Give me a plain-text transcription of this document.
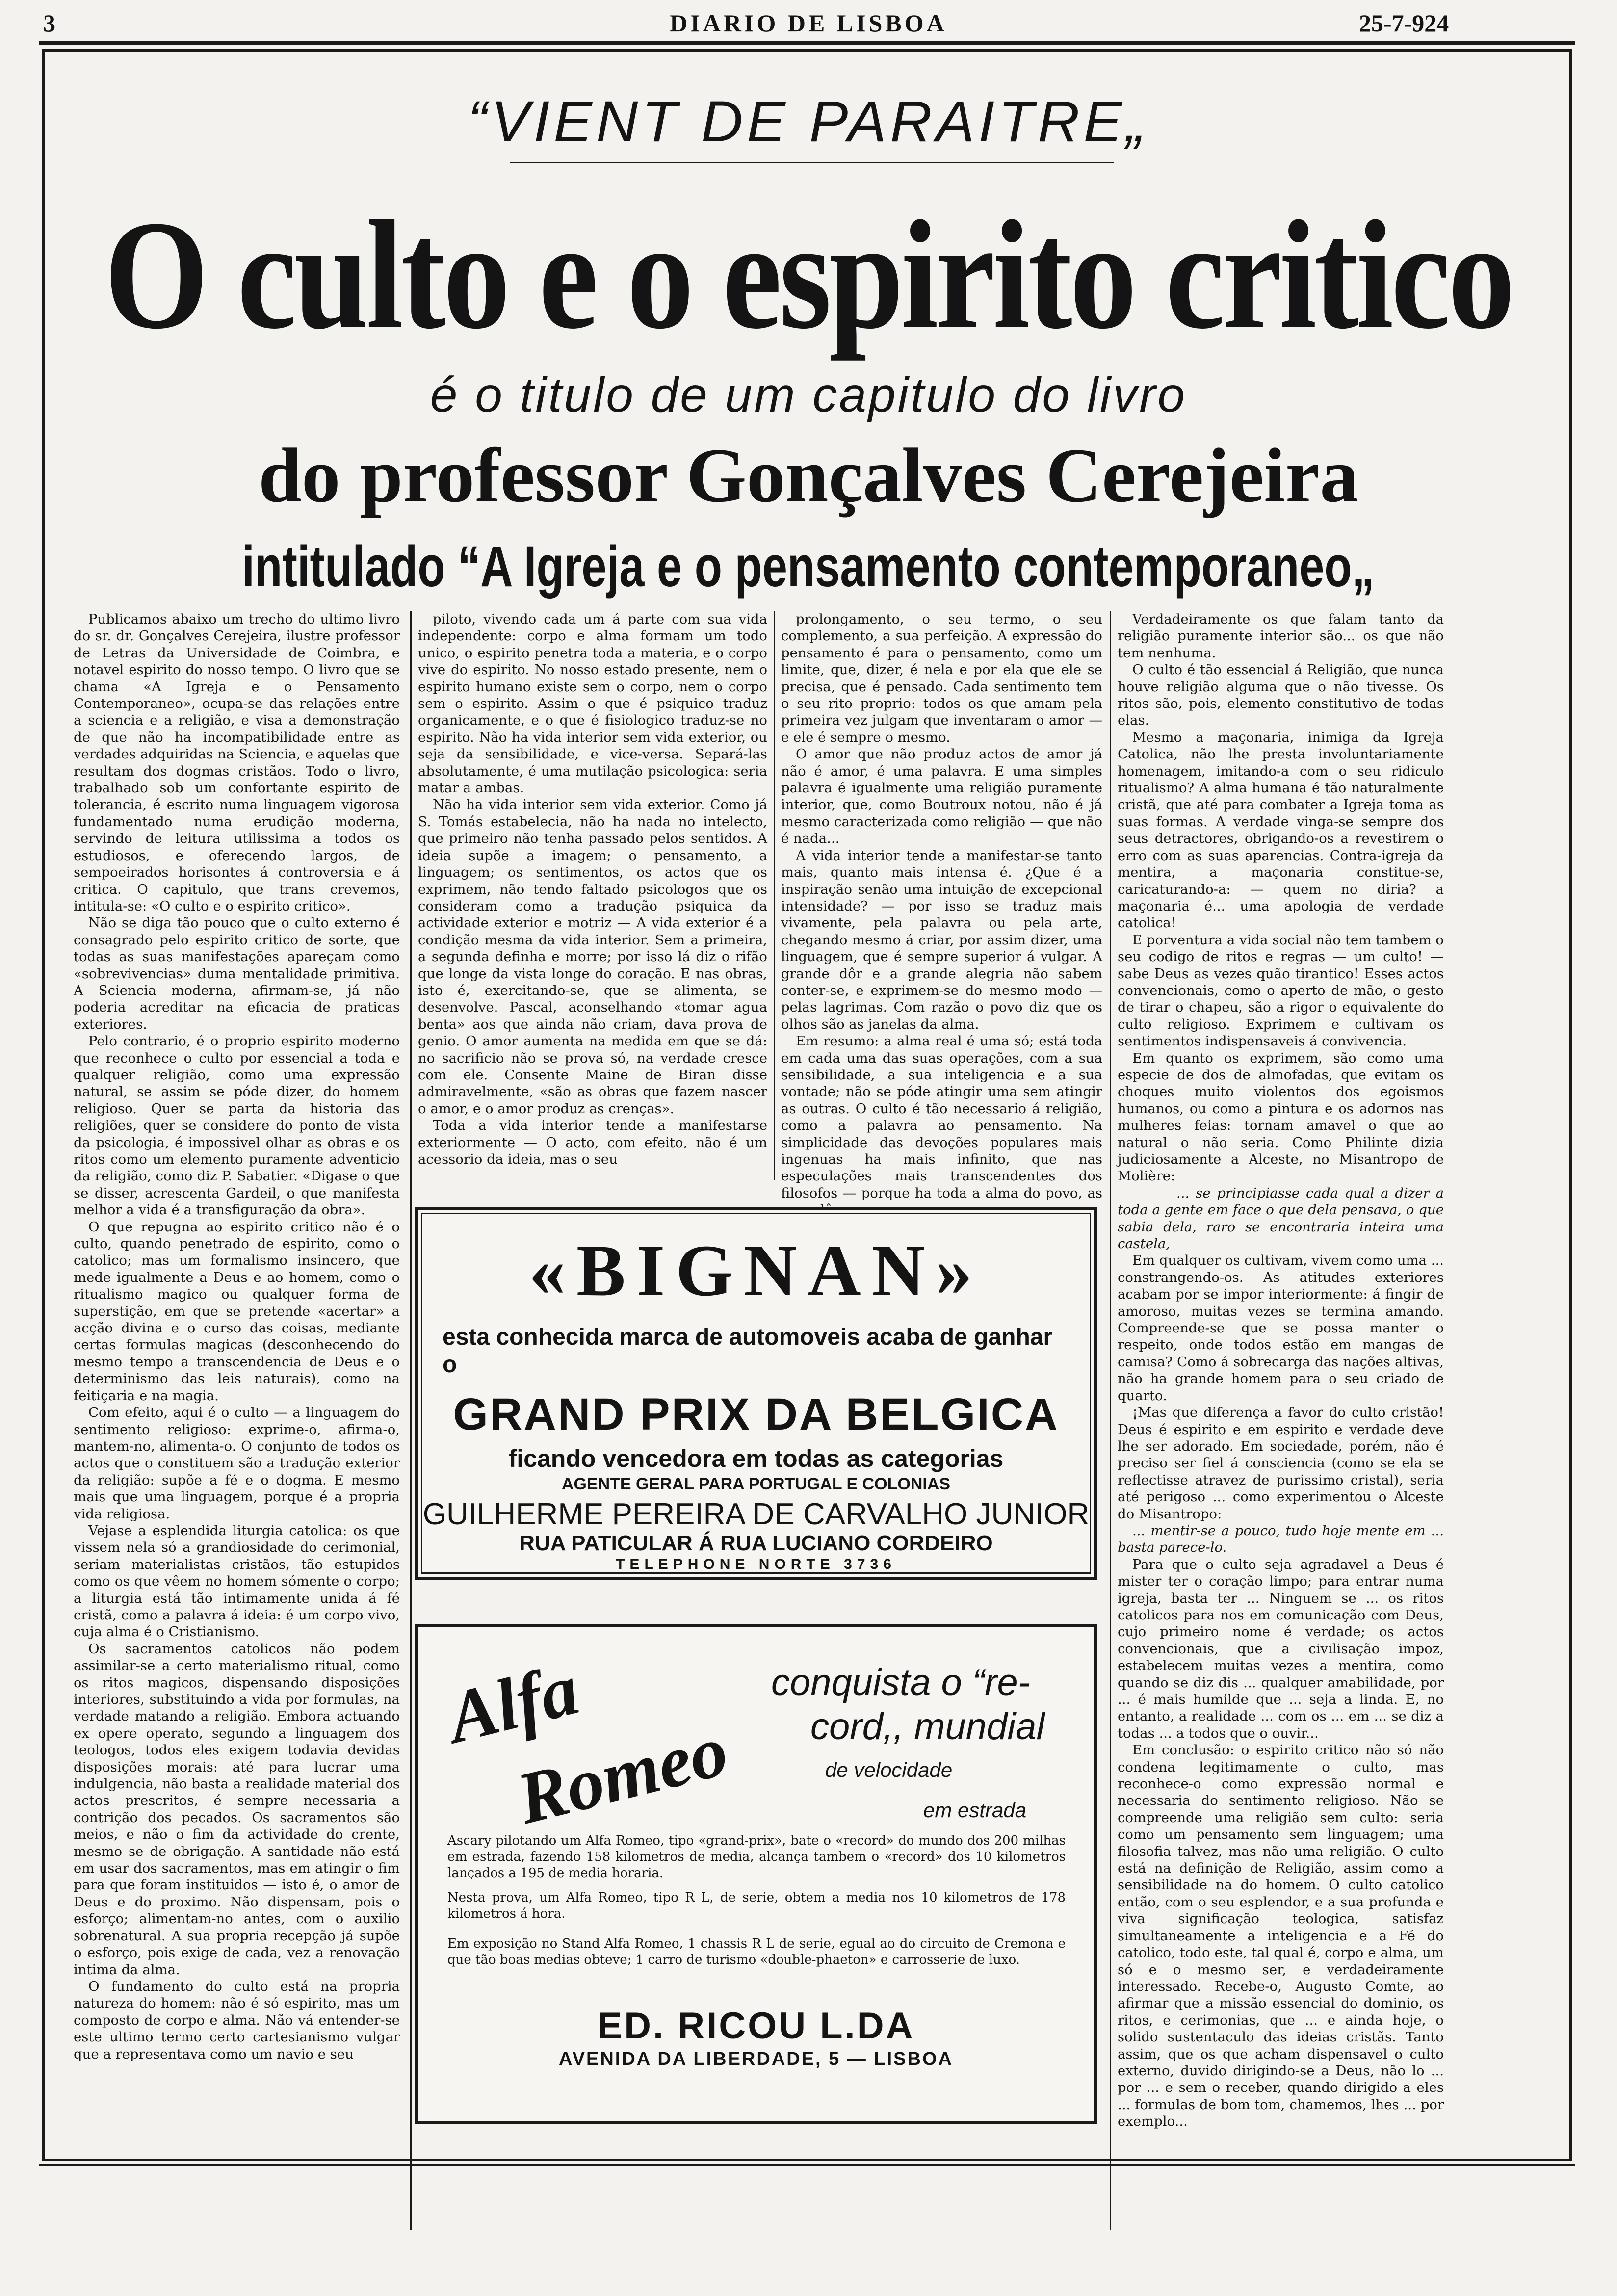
3	DIARIO DE LISBOA	25-7-924
“VIENT DE PARAITRE„
O culto e o espirito critico
é o titulo de um capitulo do livro
do professor Gonçalves Cerejeira
intitulado “A Igreja e o pensamento contemporaneo„

Publicamos abaixo um trecho do ultimo livro do sr. dr. Gonçalves Cerejeira, ilustre professor de Letras da Universidade de Coimbra, e notavel espirito do nosso tempo. O livro que se chama «A Igreja e o Pensamento Contemporaneo», ocupa-se das relações entre a sciencia e a religião, e visa a demonstração de que não ha incompatibilidade entre as verdades adquiridas na Sciencia, e aquelas que resultam dos dogmas cristãos. Todo o livro, trabalhado sob um confortante espirito de tolerancia, é escrito numa linguagem vigorosa fundamentado numa erudição moderna, servindo de leitura utilissima a todos os estudiosos, e oferecendo largos, de sempoeirados horisontes á controversia e á critica. O capitulo, que trans crevemos, intitula-se: «O culto e o espirito critico».

Não se diga tão pouco que o culto externo é consagrado pelo espirito critico de sorte, que todas as suas manifestações apareçam como «sobrevivencias» duma mentalidade primitiva. A Sciencia moderna, afirmam-se, já não poderia acreditar na eficacia de praticas exteriores.

Pelo contrario, é o proprio espirito moderno que reconhece o culto por essencial a toda e qualquer religião, como uma expressão natural, se assim se póde dizer, do homem religioso. Quer se parta da historia das religiões, quer se considere do ponto de vista da psicologia, é impossivel olhar as obras e os ritos como um elemento puramente adventicio da religião, como diz P. Sabatier. «Digase o que se disser, acrescenta Gardeil, o que manifesta melhor a vida é a transfiguração da obra».

O que repugna ao espirito critico não é o culto, quando penetrado de espirito, como o catolico; mas um formalismo insincero, que mede igualmente a Deus e ao homem, como o ritualismo magico ou qualquer forma de superstição, em que se pretende «acertar» a acção divina e o curso das coisas, mediante certas formulas magicas (desconhecendo do mesmo tempo a transcendencia de Deus e o determinismo das leis naturais), como na feitiçaria e na magia.

Com efeito, aqui é o culto — a linguagem do sentimento religioso: exprime-o, afirma-o, mantem-no, alimenta-o. O conjunto de todos os actos que o constituem são a tradução exterior da religião: supõe a fé e o dogma. E mesmo mais que uma linguagem, porque é a propria vida religiosa.

Vejase a esplendida liturgia catolica: os que vissem nela só a grandiosidade do cerimonial, seriam materialistas cristãos, tão estupidos como os que vêem no homem sómente o corpo; a liturgia está tão intimamente unida á fé cristã, como a palavra á ideia: é um corpo vivo, cuja alma é o Cristianismo.

Os sacramentos catolicos não podem assimilar-se a certo materialismo ritual, como os ritos magicos, dispensando disposições interiores, substituindo a vida por formulas, na verdade matando a religião. Embora actuando ex opere operato, segundo a linguagem dos teologos, todos eles exigem todavia devidas disposições morais: até para lucrar uma indulgencia, não basta a realidade material dos actos prescritos, é sempre necessaria a contrição dos pecados. Os sacramentos são meios, e não o fim da actividade do crente, mesmo se de obrigação. A santidade não está em usar dos sacramentos, mas em atingir o fim para que foram instituidos — isto é, o amor de Deus e do proximo. Não dispensam, pois o esforço; alimentam-no antes, com o auxilio sobrenatural. A sua propria recepção já supõe o esforço, pois exige de cada, vez a renovação intima da alma.

O fundamento do culto está na propria natureza do homem: não é só espirito, mas um composto de corpo e alma. Não vá entender-se este ultimo termo certo cartesianismo vulgar que a representava como um navio e seu

piloto, vivendo cada um á parte com sua vida independente: corpo e alma formam um todo unico, o espirito penetra toda a materia, e o corpo vive do espirito. No nosso estado presente, nem o espirito humano existe sem o corpo, nem o corpo sem o espirito. Assim o que é psiquico traduz organicamente, e o que é fisiologico traduz-se no espirito. Não ha vida interior sem vida exterior, ou seja da sensibilidade, e vice-versa. Separá-las absolutamente, é uma mutilação psicologica: seria matar a ambas.

Não ha vida interior sem vida exterior. Como já S. Tomás estabelecia, não ha nada no intelecto, que primeiro não tenha passado pelos sentidos. A ideia supõe a imagem; o pensamento, a linguagem; os sentimentos, os actos que os exprimem, não tendo faltado psicologos que os consideram como a tradução psiquica da actividade exterior e motriz — A vida exterior é a condição mesma da vida interior. Sem a primeira, a segunda definha e morre; por isso lá diz o rifão que longe da vista longe do coração. E nas obras, isto é, exercitando-se, que se alimenta, se desenvolve. Pascal, aconselhando «tomar agua benta» aos que ainda não criam, dava prova de genio. O amor aumenta na medida em que se dá: no sacrificio não se prova só, na verdade cresce com ele. Consente Maine de Biran disse admiravelmente, «são as obras que fazem nascer o amor, e o amor produz as crenças».

Toda a vida interior tende a manifestarse exteriormente — O acto, com efeito, não é um acessorio da ideia, mas o seu

prolongamento, o seu termo, o seu complemento, a sua perfeição. A expressão do pensamento é para o pensamento, como um limite, que, dizer, é nela e por ela que ele se precisa, que é pensado. Cada sentimento tem o seu rito proprio: todos os que amam pela primeira vez julgam que inventaram o amor — e ele é sempre o mesmo.

O amor que não produz actos de amor já não é amor, é uma palavra. E uma simples palavra é igualmente uma religião puramente interior, que, como Boutroux notou, não é já mesmo caracterizada como religião — que não é nada...

A vida interior tende a manifestar-se tanto mais, quanto mais intensa é. ¿Que é a inspiração senão uma intuição de excepcional intensidade? — por isso se traduz mais vivamente, pela palavra ou pela arte, chegando mesmo á criar, por assim dizer, uma linguagem, que é sempre superior á vulgar. A grande dôr e a grande alegria não sabem conter-se, e exprimem-se do mesmo modo — pelas lagrimas. Com razão o povo diz que os olhos são as janelas da alma.

Em resumo: a alma real é uma só; está toda em cada uma das suas operações, com a sua sensibilidade, a sua inteligencia e a sua vontade; não se póde atingir uma sem atingir as outras. O culto é tão necessario á religião, como a palavra ao pensamento. Na simplicidade das devoções populares mais ingenuas ha mais infinito, que nas especulações mais transcendentes dos filosofos — porque ha toda a alma do povo, as

Verdadeiramente os que falam tanto da religião puramente interior são... os que não tem nenhuma.

O culto é tão essencial á Religião, que nunca houve religião alguma que o não tivesse. Os ritos são, pois, elemento constitutivo de todas elas.

Mesmo a maçonaria, inimiga da Igreja Catolica, não lhe presta involuntariamente homenagem, imitando-a com o seu ridiculo ritualismo? A alma humana é tão naturalmente cristã, que até para combater a Igreja toma as suas formas. A verdade vinga-se sempre dos seus detractores, obrigando-os a revestirem o erro com as suas aparencias. Contra-igreja da mentira, a maçonaria constitue-se, caricaturando-a: — quem no diria? a maçonaria é... uma apologia de verdade catolica!

E porventura a vida social não tem tambem o seu codigo de ritos e regras — um culto! — sabe Deus as vezes quão tirantico! Esses actos convencionais, como o aperto de mão, o gesto de tirar o chapeu, são a rigor o equivalente do culto religioso. Exprimem e cultivam os sentimentos indispensaveis á convivencia.

Em quanto os exprimem, são como uma especie de dos de almofadas, que evitam os choques muito violentos dos egoismos humanos, ou como a pintura e os adornos nas mulheres feias: tornam amavel o que ao natural o não seria. Como Philinte dizia judiciosamente a Alceste, no Misantropo de Molière:

... se principiasse cada qual a dizer a toda a gente em face o que dela pensava, o que sabia dela, raro se encontraria inteira uma castela,

Em qualquer os cultivam, vivem como uma ... constrangendo-os. As atitudes exteriores acabam por se impor interiormente: á fingir de amoroso, muitas vezes se termina amando. Compreende-se que se possa manter o respeito, onde todos estão em mangas de camisa? Como á sobrecarga das nações altivas, não ha grande homem para o seu criado de quarto.

¡Mas que diferença a favor do culto cristão! Deus é espirito e em espirito e verdade deve lhe ser adorado. Em sociedade, porém, não é preciso ser fiel á consciencia (como se ela se reflectisse atravez de purissimo cristal), seria até perigoso ... como experimentou o Alceste do Misantropo:

... mentir-se a pouco, tudo hoje mente em ... basta parece-lo.

Para que o culto seja agradavel a Deus é mister ter o coração limpo; para entrar numa igreja, basta ter ... Ninguem se ... os ritos catolicos para nos em comunicação com Deus, cujo primeiro nome é verdade; os actos convencionais, que a civilisação impoz, estabelecem muitas vezes a mentira, como quando se diz dis ... qualquer amabilidade, por ... é mais humilde que ... seja a linda. E, no entanto, a realidade ... com os ... em ... se diz a todas ... a todos que o ouvir...

Em conclusão: o espirito critico não só não condena legitimamente o culto, mas reconhece-o como expressão normal e necessaria do sentimento religioso. Não se compreende uma religião sem culto: seria como um pensamento sem linguagem; uma filosofia talvez, mas não uma religião. O culto está na definição de Religião, assim como a sensibilidade na do homem. O culto catolico então, com o seu esplendor, e a sua profunda e viva significação teologica, satisfaz simultaneamente a inteligencia e a Fé do catolico, todo este, tal qual é, corpo e alma, um só e o mesmo ser, e verdadeiramente interessado. Recebe-o, Augusto Comte, ao afirmar que a missão essencial do dominio, os ritos, e cerimonias, que ... e ainda hoje, o solido sustentaculo das ideias cristãs. Tanto assim, que os que acham dispensavel o culto externo, duvido dirigindo-se a Deus, não lo ... por ... e sem o receber, quando dirigido a eles ... formulas de bom tom, chamemos, lhes ... por exemplo...

«BIGNAN»
esta conhecida marca de automoveis acaba de ganhar o
GRAND PRIX DA BELGICA
ficando vencedora em todas as categorias
AGENTE GERAL PARA PORTUGAL E COLONIAS
GUILHERME PEREIRA DE CARVALHO JUNIOR
RUA PATICULAR Á RUA LUCIANO CORDEIRO
TELEPHONE NORTE 3736
Alfa
Romeo
conquista o “re-
cord,, mundial
de velocidade
em estrada
Ascary pilotando um Alfa Romeo, tipo «grand-prix», bate o «record» do mundo dos 200 milhas em estrada, fazendo 158 kilometros de media, alcança tambem o «record» dos 10 kilometros lançados a 195 de media horaria.
Nesta prova, um Alfa Romeo, tipo R L, de serie, obtem a media nos 10 kilometros de 178 kilometros á hora.
Em exposição no Stand Alfa Romeo, 1 chassis R L de serie, egual ao do circuito de Cremona e que tão boas medias obteve; 1 carro de turismo «double-phaeton» e carrosserie de luxo.
ED. RICOU L.DA
AVENIDA DA LIBERDADE, 5 — LISBOA
